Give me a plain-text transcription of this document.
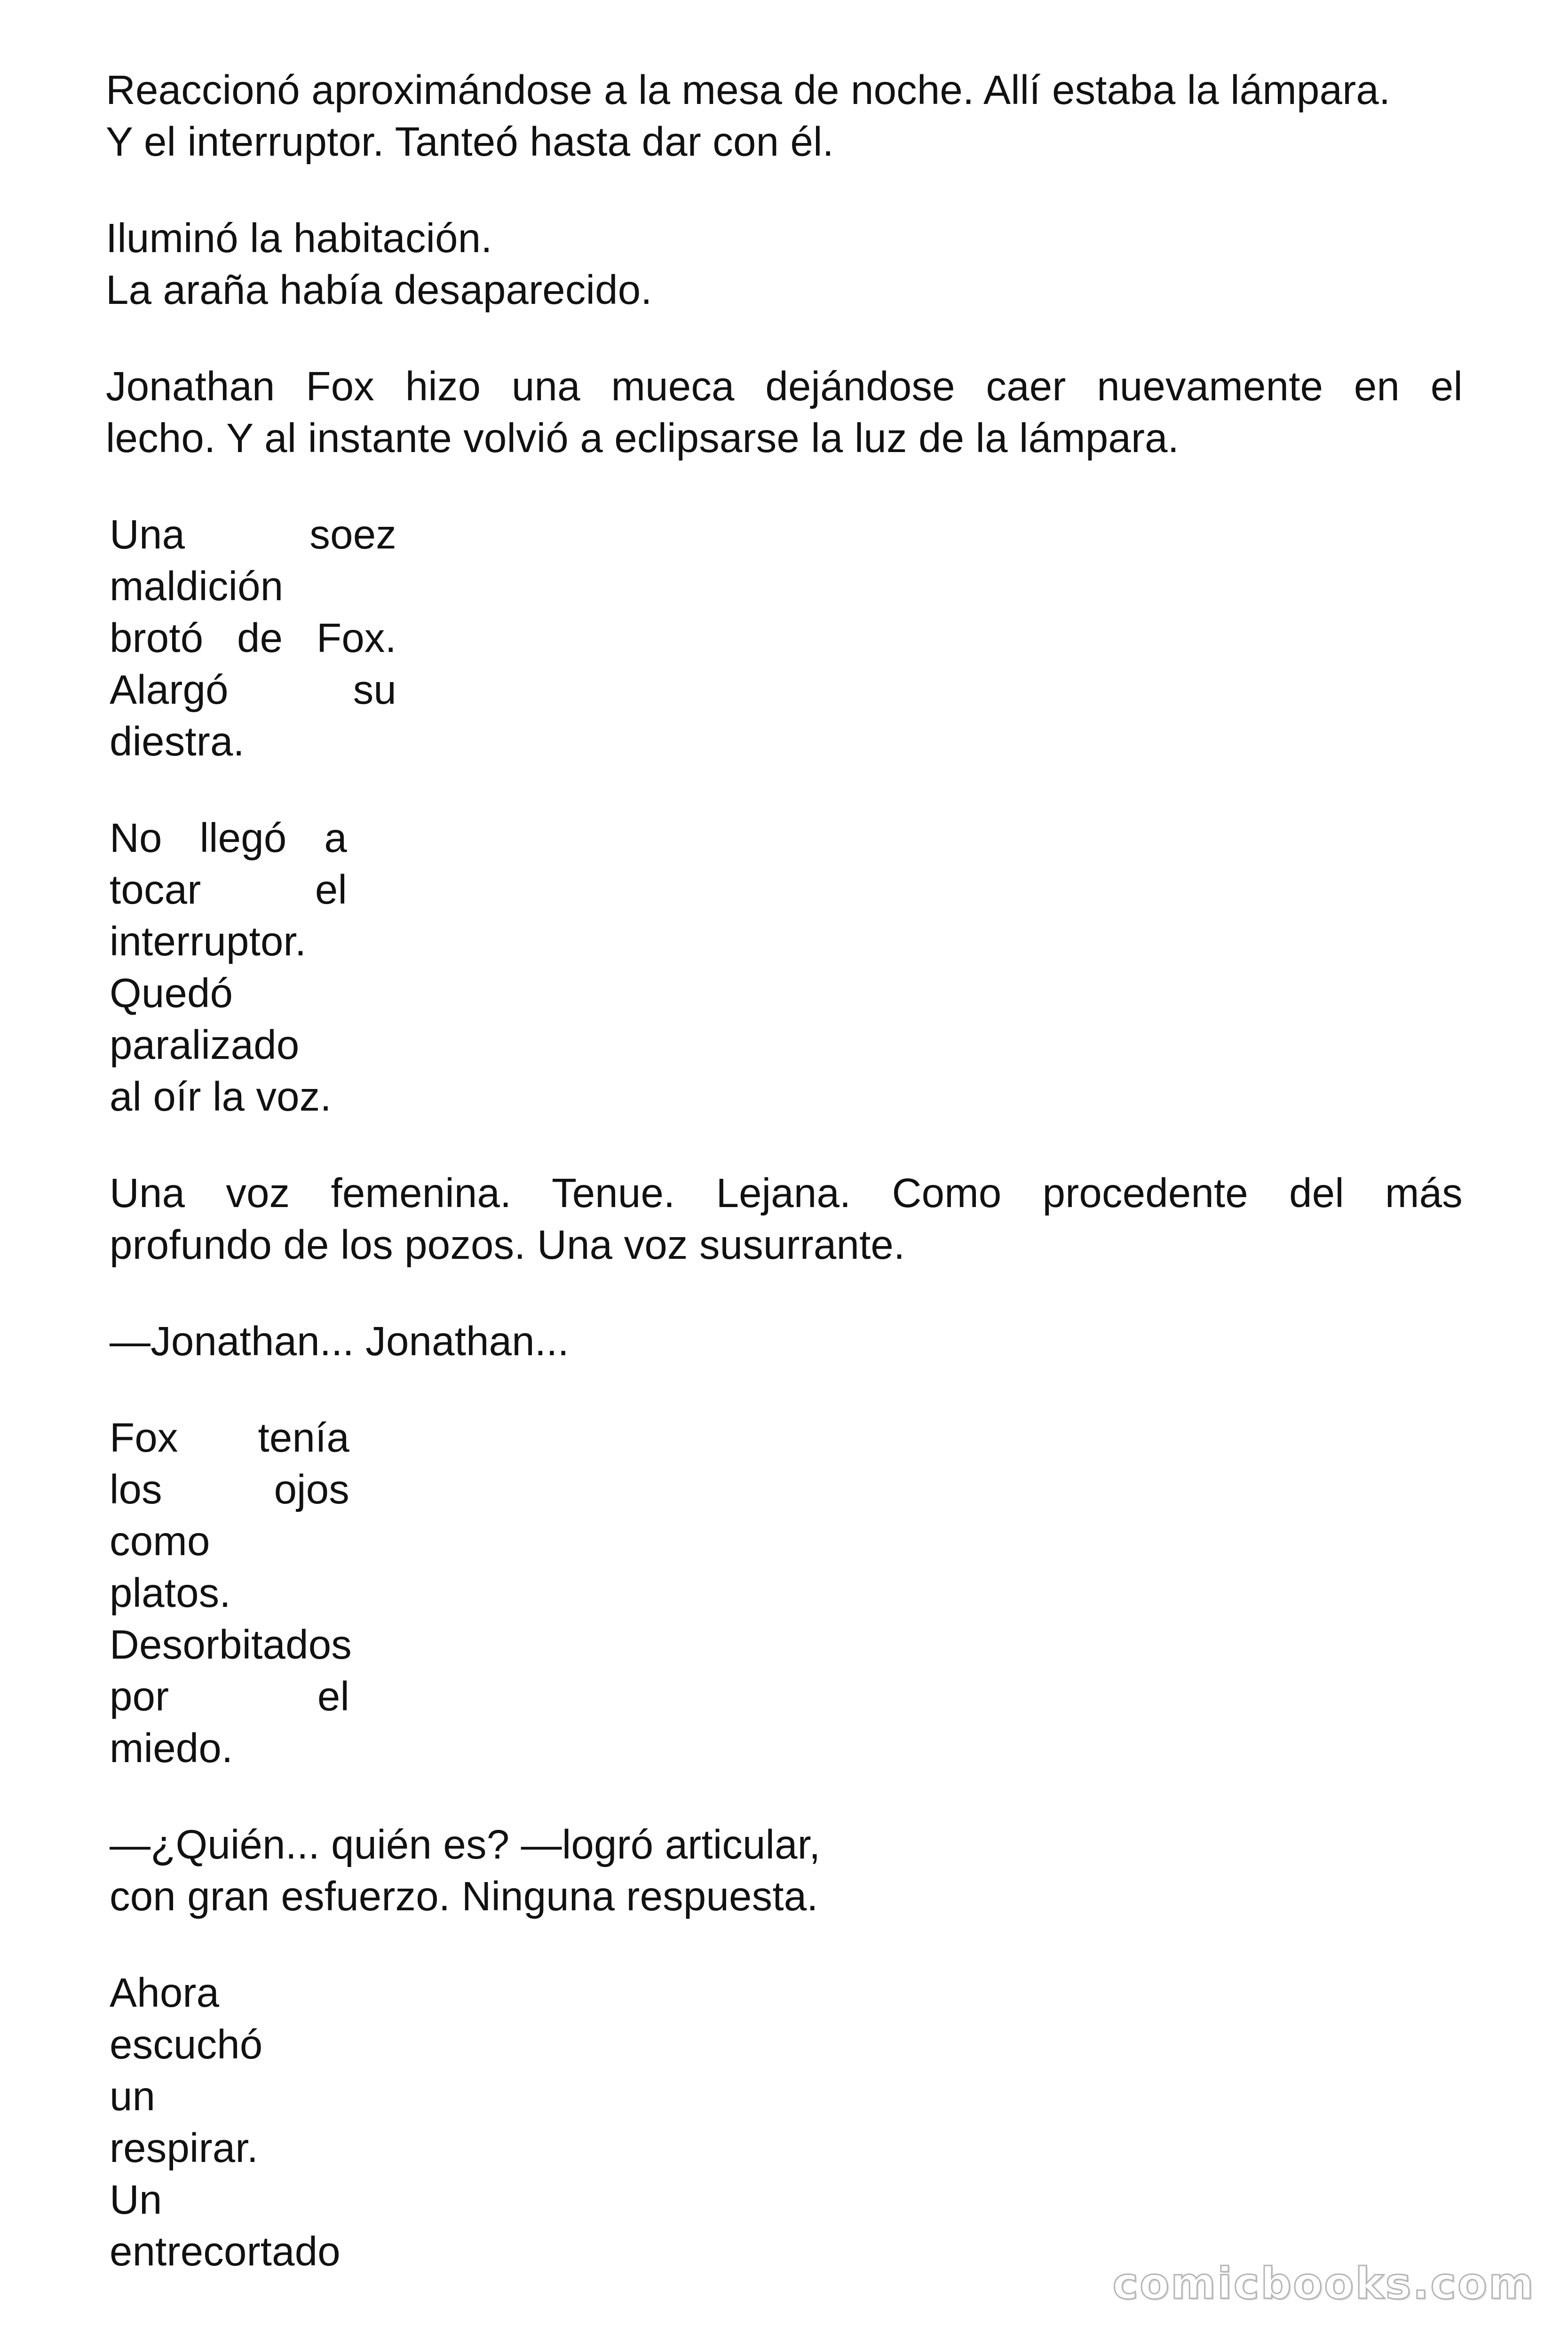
Reaccionó aproximándose a la mesa de noche. Allí estaba la lámpara.
Y el interruptor. Tanteó hasta dar con él.

Iluminó la habitación.
La araña había desaparecido.

Jonathan Fox hizo una mueca dejándose caer nuevamente en el
lecho. Y al instante volvió a eclipsarse la luz de la lámpara.

Una soez
maldición
brotó de Fox.
Alargó su
diestra.

No llegó a
tocar el
interruptor.
Quedó
paralizado
al oír la voz.

Una voz femenina. Tenue. Lejana. Como procedente del más
profundo de los pozos. Una voz susurrante.

—Jonathan... Jonathan...

Fox tenía
los ojos
como
platos.
Desorbitados
por el
miedo.

—¿Quién... quién es? —logró articular,
con gran esfuerzo. Ninguna respuesta.

Ahora
escuchó
un
respirar.
Un
entrecortado

comicbooks.com
